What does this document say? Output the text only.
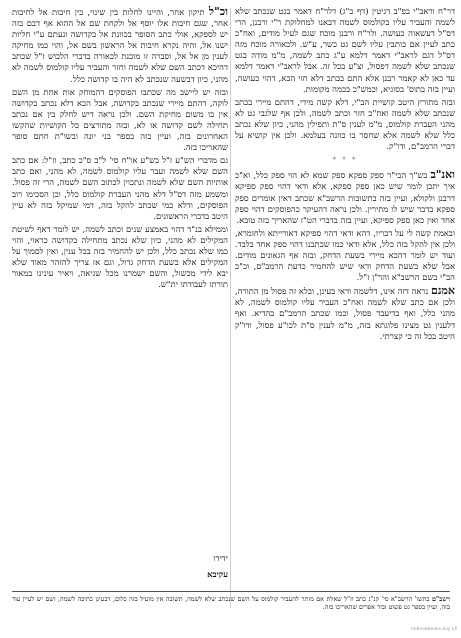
דר"ח וראב"י בפ"ב דגיטין (דף כ"ג) דלר"ח דאמר בגט שנכתב שלא לשמה והעביר עליו בקולמוס לשמה דבאנו למחלוקת ר"י ורבנן, הרי דס"ל דעשאוה כעושה. ולר"ח ורבנן מוכח שגם לעיל מודים, ואח"כ כתב לעיין אם כותבין עליו לשם גט כשר, ע"ש. ולכאורה מוכח מזה דס"ל דגם לראב"י דאמר דלמא ע"ג כתב לשמה, מ"מ מודה בגט שנכתב שלא לשמה דפסול, וצ"ע בכל זה. אבל לראב"י דאמר דלמא עד כאן לא קאמר רבנן אלא התם בכתב דלא חזי הכא, דהוי כעושה, ועיין בזה בתוס' בסוגיא, וכמש"כ בכמה מקומות.

ובזה מתורץ היטב קושיית הב"י, דלא קשה מידי, דהתם מיירי בכתב שנכתב שלא לשמה ואח"כ חזר וכתב לשמה, ולכן אף שלגבי גט לא מהני העברת קולמוס, מ"מ לענין ס"ת ותפילין מהני, כיון שלא נכתב כלל שלא לשמה אלא שחסר בו כוונה בעלמא. ולכן אין קושיא על דברי הרמב"ם, ודו"ק.

* * *

ואנ"ב בש"ך הבי"ר ספק ספקא ספק שמא לא הוי ספק כלל, וא"כ איך יתכן לומר שיש כאן ספק ספקא, אלא ודאי דהוי ספק ספיקא דרבנן ולקולא, ועיין בזה בתשובות הרשב"א שכתב דאין אומרים ספק ספקא בדבר שיש לו מתירין. ולכן נראה דהעיקר כהפוסקים דהוי ספק אחד ואין כאן ספק ספיקא, ועיין בזה בדברי הט"ז שהאריך בזה טובא.

ובאמת קשה לי על דבריו, דהא ודאי דהוי ספיקא דאורייתא ולחומרא, ולכן אין להקל בזה כלל, אלא ודאי כמו שכתבנו דהוי ספק אחד בלבד. ועוד יש לומר דהכא מיירי בשעת הדחק, ובזה אף הגאונים מודים. אבל שלא בשעת הדחק ודאי שיש להחמיר כדעת הרמב"ם, וכ"כ הב"י בשם הרשב"א והר"ן ז"ל.

אמנם נראה דזה אינו, דלשמה ודאי בעינן, ובלא זה פסול מן התורה, ולכן אם כתב שלא לשמה ואח"כ העביר עליו קולמוס לשמה, לא מהני כלל, ואף בדיעבד פסול, וכמו שכתב הרמב"ם בהדיא. ואף דלענין גט מצינו פלוגתא בזה, מ"מ לענין ס"ת לכו"ע פסול, ודו"ק היטב בכל זה כי קצרתי.

וכ"ל תיקון אחר, והיינו לחלות בין שינוי, בין חיבות אל לחיבות אחר, שגם חיבות אלו יוסף אל ולקחת שם אל ההוא אף דבם בזה יש לספקא, אולי כתב הסופר בכוונת אל בקדושה ונעתם ע"י חליות ישנו אל, והיה נקרא חיבות אל הראשון בשם אל, והוי כמו מחיקה לענין מן אל אל, וסברה זו מובנת לכאורה בדברי הלבוש ז"ל שכתב דהיכא דכתב השם שלא לשמה וחזר והעביר עליו קולמוס לשמה לא מהני, כיון דבשעה שנכתב לא היה בו קדושה כלל.

ובזה יש ליישב מה שכתבו הפוסקים דהמוחק אות אחת מן השם לוקה, דהתם מיירי שנכתב בקדושה, אבל הכא דלא נכתב בקדושה אין בו משום מחיקת השם. ולכן נראה דיש לחלק בין אם נכתב תחילה לשם קדושה או לא, ובזה מתורצים כל הקושיות שהקשו האחרונים בזה, ועיין בזה בספר בני יונה ובשו"ת חתם סופר שהאריכו בזה.

גם מדברי הש"ע ז"ל בש"ע או"ח סי' ל"ב ס"כ כתב, וז"ל: אם כתב השם שלא לשמה ועבר עליו קולמוס לשמה, לא מהני, ואם כתב אותיות השם שלא לשמה ונתכוין לכתוב השם לשמה, הרי זה פסול. ומשמע מזה דס"ל דלא מהני העברת קולמוס כלל, וכן הסכימו רוב הפוסקים, ודלא כמי שכתב להקל בזה, דמי שמיקל בזה לא עיין היטב בדברי הראשונים.

וממילא בנ"ד דהוי באמצע שנים וכתב לשמה, יש לומר דאף לשיטת המקילים לא מהני, כיון שלא נכתב מתחילה בקדושה כראוי, והוי כמו שלא נכתב כלל, ולכן יש להחמיר בזה בכל ענין, ואין לסמוך על המקילים אלא בשעת הדחק גדול, וגם אז צריך להזהר מאוד שלא יבא לידי מכשול, והשם ישמרנו מכל שגיאה, ויאיר עינינו במאור תורתו לעבודתו ית"ש.

ידידו
עקיבא
רשב"ם בתשו' הרשב"א סי' קנ"ג כתב וז"ל שאלת אם מותר להעביר קולמוס על השם שנכתב שלא לשמה, תשובה אין מועיל בזה כלום, דבעינן כתיבה לשמה, ושם יש לעיין עוד בזה, ועיין בספר גט פשוט וביד אפרים שהאריכו בזה.
hebrewbooks.org 14
